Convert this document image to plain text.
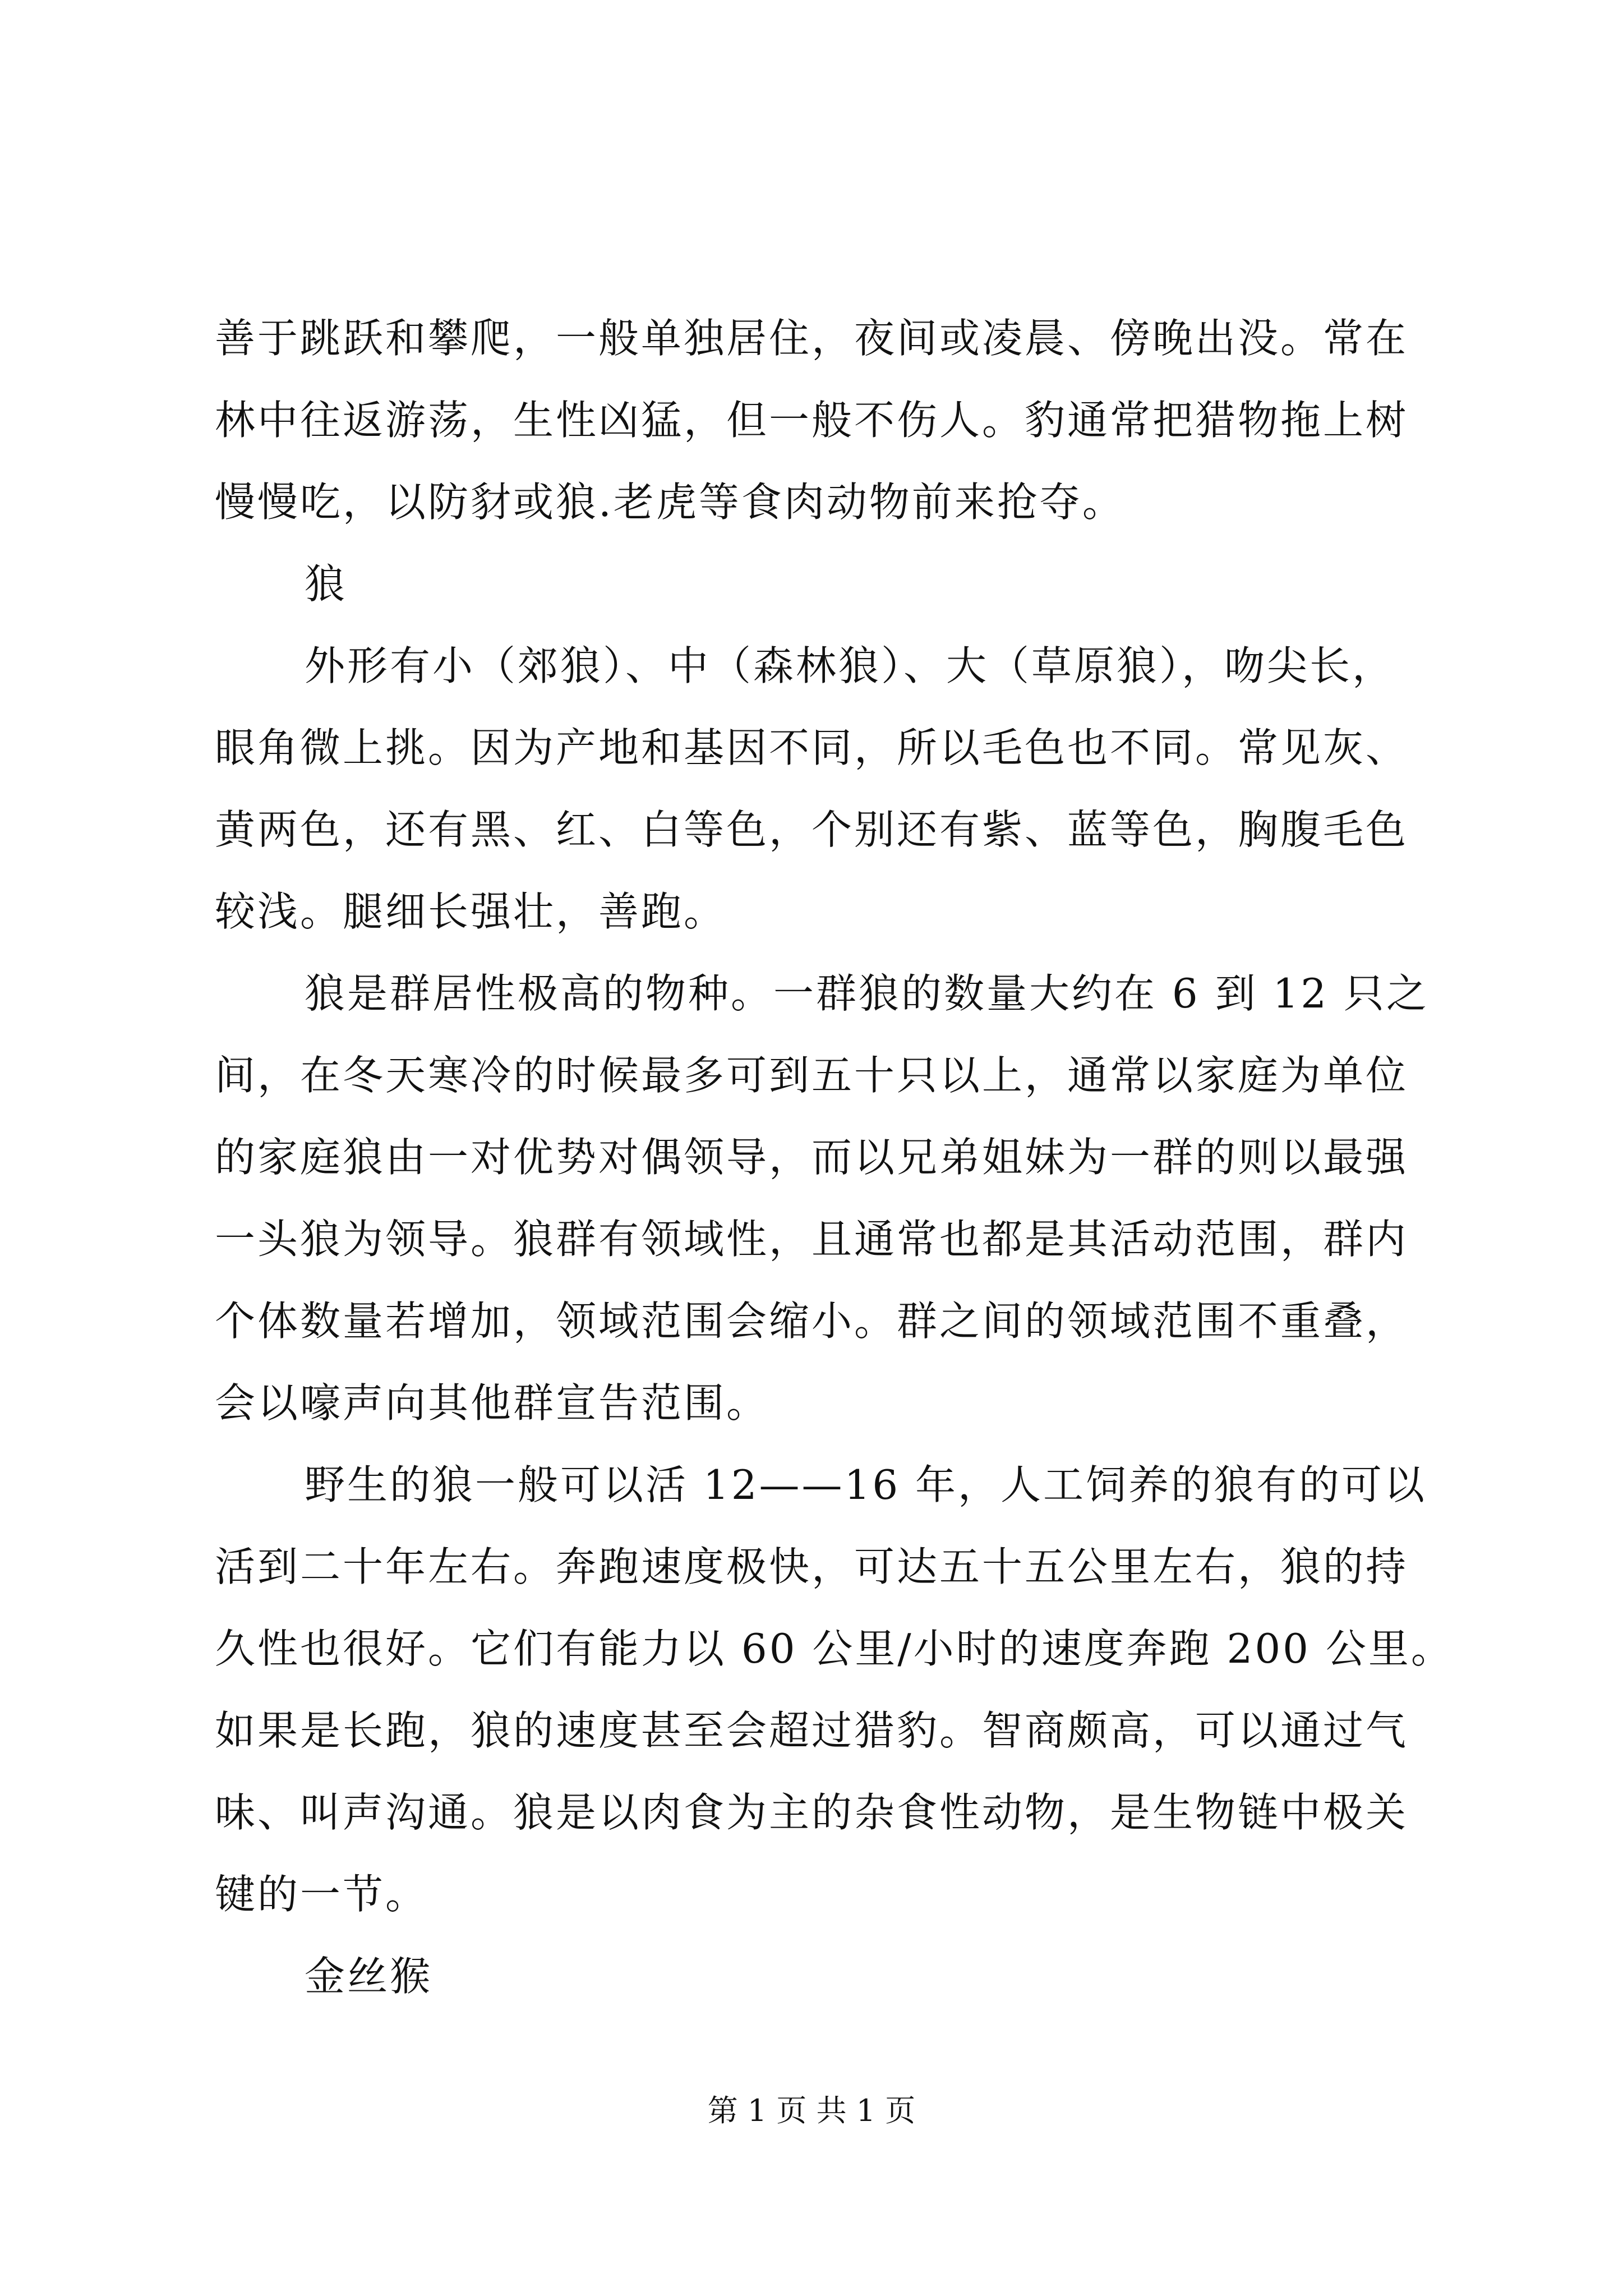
善于跳跃和攀爬，一般单独居住，夜间或凌晨、傍晚出没。常在
林中往返游荡，生性凶猛，但一般不伤人。豹通常把猎物拖上树
慢慢吃，以防豺或狼.老虎等食肉动物前来抢夺。
狼
外形有小（郊狼）、中（森林狼）、大（草原狼），吻尖长，
眼角微上挑。因为产地和基因不同，所以毛色也不同。常见灰、
黄两色，还有黑、红、白等色，个别还有紫、蓝等色，胸腹毛色
较浅。腿细长强壮，善跑。
狼是群居性极高的物种。一群狼的数量大约在 6 到 12 只之
间，在冬天寒冷的时候最多可到五十只以上，通常以家庭为单位
的家庭狼由一对优势对偶领导，而以兄弟姐妹为一群的则以最强
一头狼为领导。狼群有领域性，且通常也都是其活动范围，群内
个体数量若增加，领域范围会缩小。群之间的领域范围不重叠，
会以嚎声向其他群宣告范围。
野生的狼一般可以活 12——16 年，人工饲养的狼有的可以
活到二十年左右。奔跑速度极快，可达五十五公里左右，狼的持
久性也很好。它们有能力以 60 公里/小时的速度奔跑 200 公里。
如果是长跑，狼的速度甚至会超过猎豹。智商颇高，可以通过气
味、叫声沟通。狼是以肉食为主的杂食性动物，是生物链中极关
键的一节。
金丝猴
第 1 页 共 1 页
